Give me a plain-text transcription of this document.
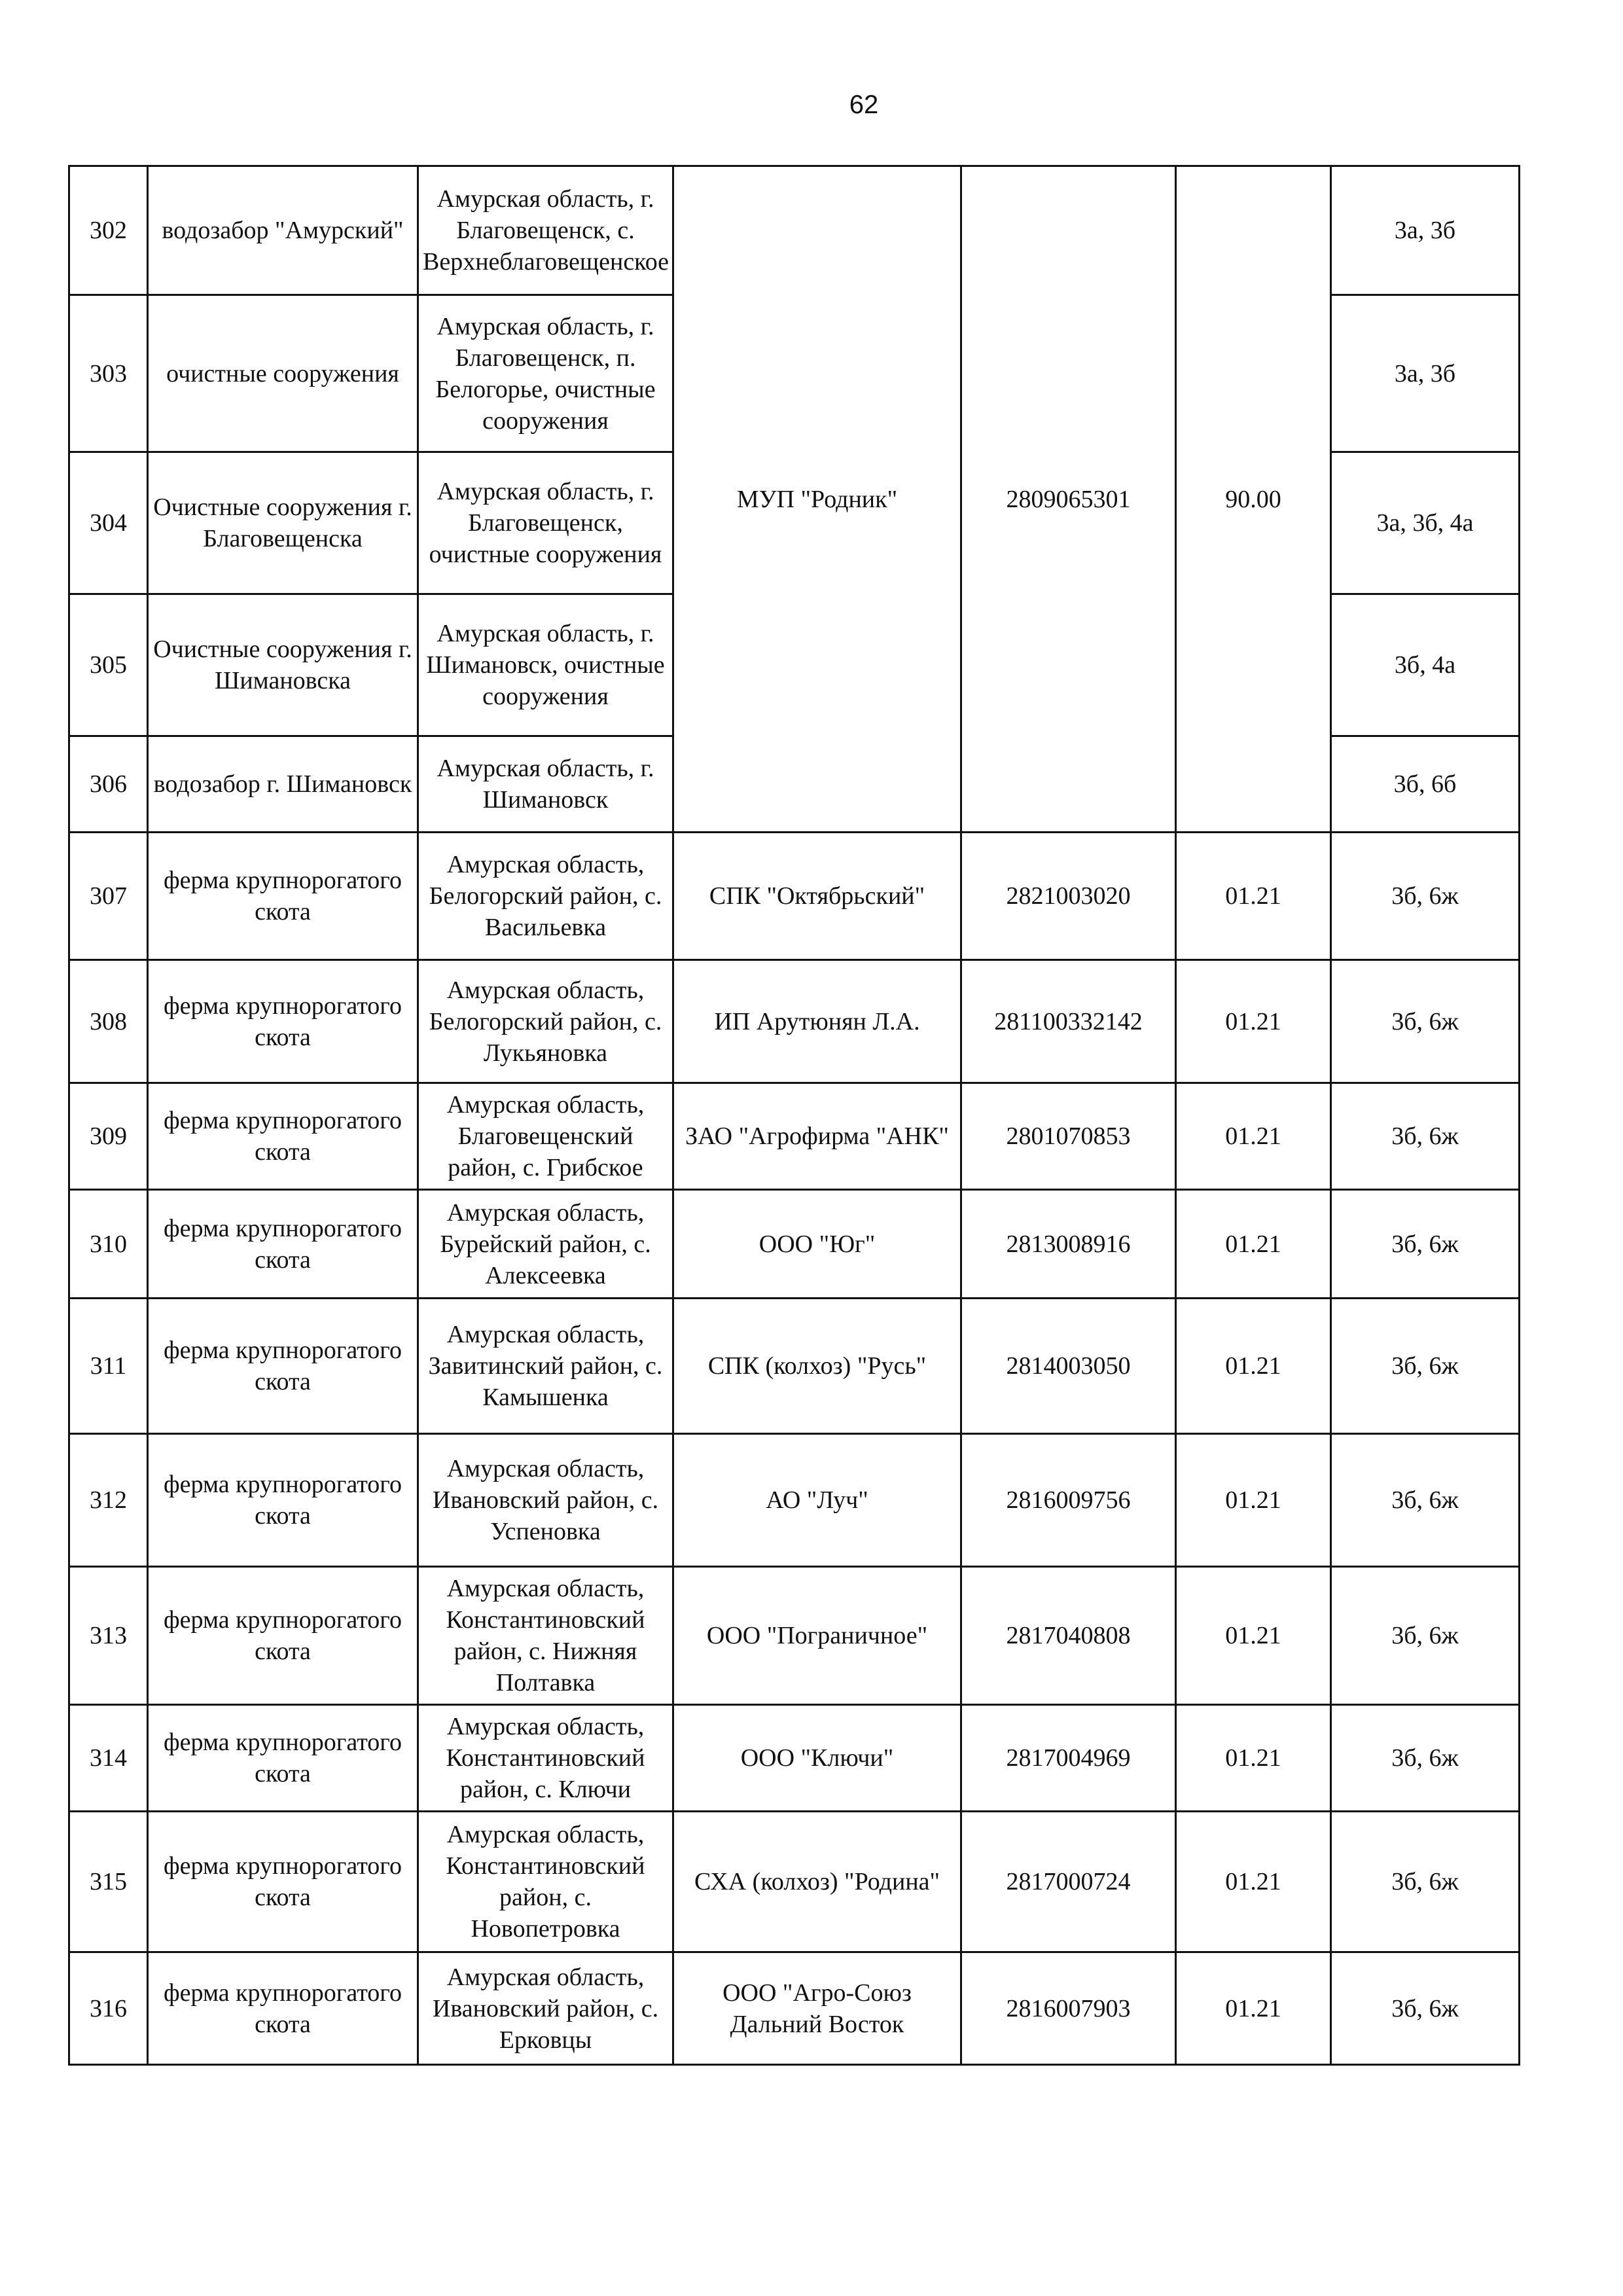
62
302	водозабор "Амурский"	Амурская область, г. Благовещенск, с. Верхнеблаговещенское	МУП "Родник"	2809065301	90.00	3а, 3б
303	очистные сооружения	Амурская область, г. Благовещенск, п. Белогорье, очистные сооружения				3а, 3б
304	Очистные сооружения г. Благовещенска	Амурская область, г. Благовещенск, очистные сооружения				3а, 3б, 4а
305	Очистные сооружения г. Шимановска	Амурская область, г. Шимановск, очистные сооружения				3б, 4а
306	водозабор г. Шимановск	Амурская область, г. Шимановск				3б, 6б
307	ферма крупнорогатого скота	Амурская область, Белогорский район, с. Васильевка	СПК "Октябрьский"	2821003020	01.21	3б, 6ж
308	ферма крупнорогатого скота	Амурская область, Белогорский район, с. Лукьяновка	ИП Арутюнян Л.А.	281100332142	01.21	3б, 6ж
309	ферма крупнорогатого скота	Амурская область, Благовещенский район, с. Грибское	ЗАО "Агрофирма "АНК"	2801070853	01.21	3б, 6ж
310	ферма крупнорогатого скота	Амурская область, Бурейский район, с. Алексеевка	ООО "Юг"	2813008916	01.21	3б, 6ж
311	ферма крупнорогатого скота	Амурская область, Завитинский район, с. Камышенка	СПК (колхоз) "Русь"	2814003050	01.21	3б, 6ж
312	ферма крупнорогатого скота	Амурская область, Ивановский район, с. Успеновка	АО "Луч"	2816009756	01.21	3б, 6ж
313	ферма крупнорогатого скота	Амурская область, Константиновский район, с. Нижняя Полтавка	ООО "Пограничное"	2817040808	01.21	3б, 6ж
314	ферма крупнорогатого скота	Амурская область, Константиновский район, с. Ключи	ООО "Ключи"	2817004969	01.21	3б, 6ж
315	ферма крупнорогатого скота	Амурская область, Константиновский район, с. Новопетровка	СХА (колхоз) "Родина"	2817000724	01.21	3б, 6ж
316	ферма крупнорогатого скота	Амурская область, Ивановский район, с. Ерковцы	ООО "Агро-Союз Дальний Восток	2816007903	01.21	3б, 6ж
